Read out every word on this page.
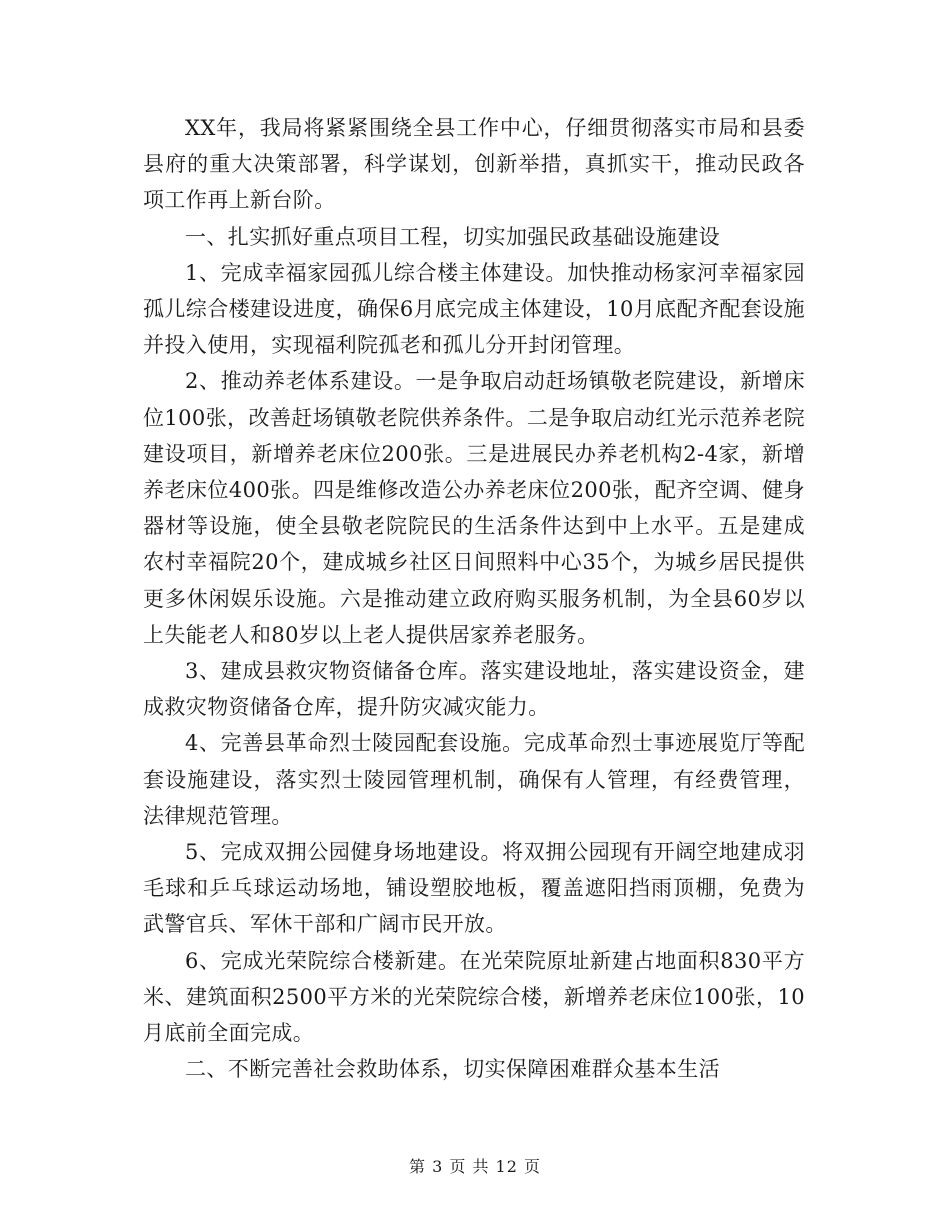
XX年，我局将紧紧围绕全县工作中心，仔细贯彻落实市局和县委县府的重大决策部署，科学谋划，创新举措，真抓实干，推动民政各项工作再上新台阶。

一、扎实抓好重点项目工程，切实加强民政基础设施建设

1、完成幸福家园孤儿综合楼主体建设。加快推动杨家河幸福家园孤儿综合楼建设进度，确保6月底完成主体建设，10月底配齐配套设施并投入使用，实现福利院孤老和孤儿分开封闭管理。

2、推动养老体系建设。一是争取启动赶场镇敬老院建设，新增床位100张，改善赶场镇敬老院供养条件。二是争取启动红光示范养老院建设项目，新增养老床位200张。三是进展民办养老机构2-4家，新增养老床位400张。四是维修改造公办养老床位200张，配齐空调、健身器材等设施，使全县敬老院院民的生活条件达到中上水平。五是建成农村幸福院20个，建成城乡社区日间照料中心35个，为城乡居民提供更多休闲娱乐设施。六是推动建立政府购买服务机制，为全县60岁以上失能老人和80岁以上老人提供居家养老服务。

3、建成县救灾物资储备仓库。落实建设地址，落实建设资金，建成救灾物资储备仓库，提升防灾减灾能力。

4、完善县革命烈士陵园配套设施。完成革命烈士事迹展览厅等配套设施建设，落实烈士陵园管理机制，确保有人管理，有经费管理，法律规范管理。

5、完成双拥公园健身场地建设。将双拥公园现有开阔空地建成羽毛球和乒乓球运动场地，铺设塑胶地板，覆盖遮阳挡雨顶棚，免费为武警官兵、军休干部和广阔市民开放。

6、完成光荣院综合楼新建。在光荣院原址新建占地面积830平方米、建筑面积2500平方米的光荣院综合楼，新增养老床位100张，10月底前全面完成。

二、不断完善社会救助体系，切实保障困难群众基本生活

第 3 页 共 12 页
